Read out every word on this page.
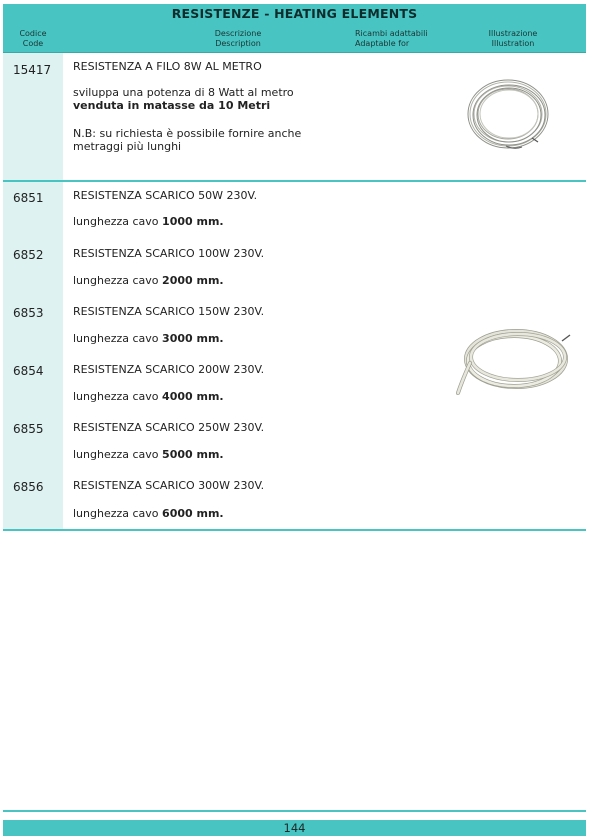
RESISTENZE - HEATING ELEMENTS
Codice
Code
Descrizione
Description
Ricambi adattabili
Adaptable for
Illustrazione
Illustration
15417 RESISTENZA A FILO 8W AL METRO
sviluppa una potenza di 8 Watt al metro
venduta in matasse da 10 Metri
N.B: su richiesta è possibile fornire anche
metraggi più lunghi
6851	RESISTENZA SCARICO 50W 230V.
lunghezza cavo 1000 mm.
6852	RESISTENZA SCARICO 100W 230V.
lunghezza cavo 2000 mm.
6853	RESISTENZA SCARICO 150W 230V.
lunghezza cavo 3000 mm.
6854	RESISTENZA SCARICO 200W 230V.
lunghezza cavo 4000 mm.
6855	RESISTENZA SCARICO 250W 230V.
lunghezza cavo 5000 mm.
6856	RESISTENZA SCARICO 300W 230V.
lunghezza cavo 6000 mm.
144
